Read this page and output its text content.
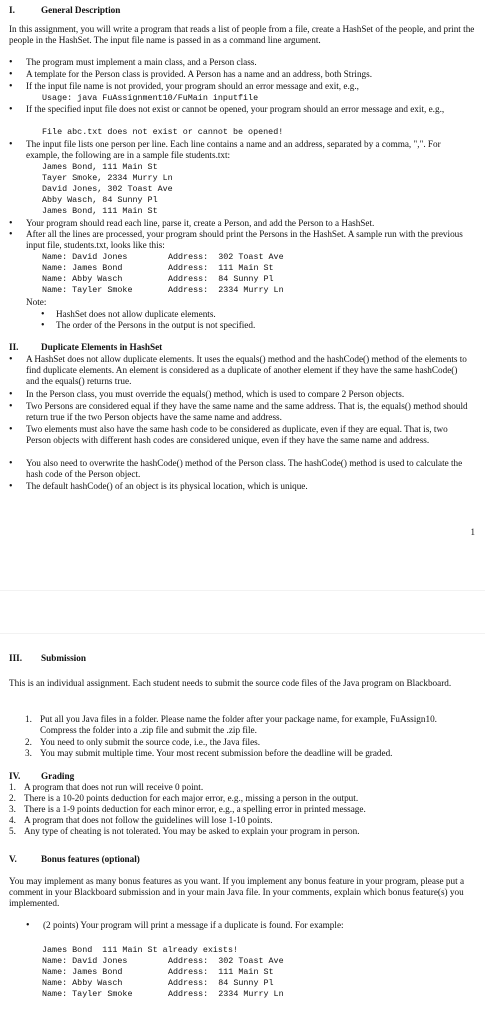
I.	General Description
In this assignment, you will write a program that reads a list of people from a file, create a HashSet of the people, and print the people in the HashSet. The input file name is passed in as a command line argument.
• The program must implement a main class, and a Person class.
• A template for the Person class is provided. A Person has a name and an address, both Strings.
• If the input file name is not provided, your program should an error message and exit, e.g.,
Usage: java FuAssignment10/FuMain inputfile
• If the specified input file does not exist or cannot be opened, your program should an error message and exit, e.g.,
File abc.txt does not exist or cannot be opened!
• The input file lists one person per line. Each line contains a name and an address, separated by a comma, ",". For example, the following are in a sample file students.txt:
James Bond, 111 Main St
Tayer Smoke, 2334 Murry Ln
David Jones, 302 Toast Ave
Abby Wasch, 84 Sunny Pl
James Bond, 111 Main St
• Your program should read each line, parse it, create a Person, and add the Person to a HashSet.
• After all the lines are processed, your program should print the Persons in the HashSet. A sample run with the previous input file, students.txt, looks like this:
Name: David Jones	Address:  302 Toast Ave
Name: James Bond	Address:  111 Main St
Name: Abby Wasch	Address:  84 Sunny Pl
Name: Tayler Smoke	Address:  2334 Murry Ln
Note:
• HashSet does not allow duplicate elements.
• The order of the Persons in the output is not specified.
II. Duplicate Elements in HashSet
• A HashSet does not allow duplicate elements. It uses the equals() method and the hashCode() method of the elements to find duplicate elements. An element is considered as a duplicate of another element if they have the same hashCode() and the equals() returns true.
• In the Person class, you must override the equals() method, which is used to compare 2 Person objects.
• Two Persons are considered equal if they have the same name and the same address. That is, the equals() method should return true if the two Person objects have the same name and address.
• Two elements must also have the same hash code to be considered as duplicate, even if they are equal. That is, two Person objects with different hash codes are considered unique, even if they have the same name and address.
• You also need to overwrite the hashCode() method of the Person class. The hashCode() method is used to calculate the hash code of the Person object.
• The default hashCode() of an object is its physical location, which is unique.
1
III. Submission
This is an individual assignment. Each student needs to submit the source code files of the Java program on Blackboard.
1. Put all you Java files in a folder. Please name the folder after your package name, for example, FuAssign10. Compress the folder into a .zip file and submit the .zip file.
2. You need to only submit the source code, i.e., the Java files.
3. You may submit multiple time. Your most recent submission before the deadline will be graded.
IV. Grading
1. A program that does not run will receive 0 point.
2. There is a 10-20 points deduction for each major error, e.g., missing a person in the output.
3. There is a 1-9 points deduction for each minor error, e.g., a spelling error in printed message.
4. A program that does not follow the guidelines will lose 1-10 points.
5. Any type of cheating is not tolerated. You may be asked to explain your program in person.
V.	Bonus features (optional)
You may implement as many bonus features as you want. If you implement any bonus feature in your program, please put a comment in your Blackboard submission and in your main Java file. In your comments, explain which bonus feature(s) you implemented.
• (2 points) Your program will print a message if a duplicate is found. For example:
James Bond  111 Main St already exists!
Name: David Jones	Address:  302 Toast Ave
Name: James Bond	Address:  111 Main St
Name: Abby Wasch	Address:  84 Sunny Pl
Name: Tayler Smoke	Address:  2334 Murry Ln
